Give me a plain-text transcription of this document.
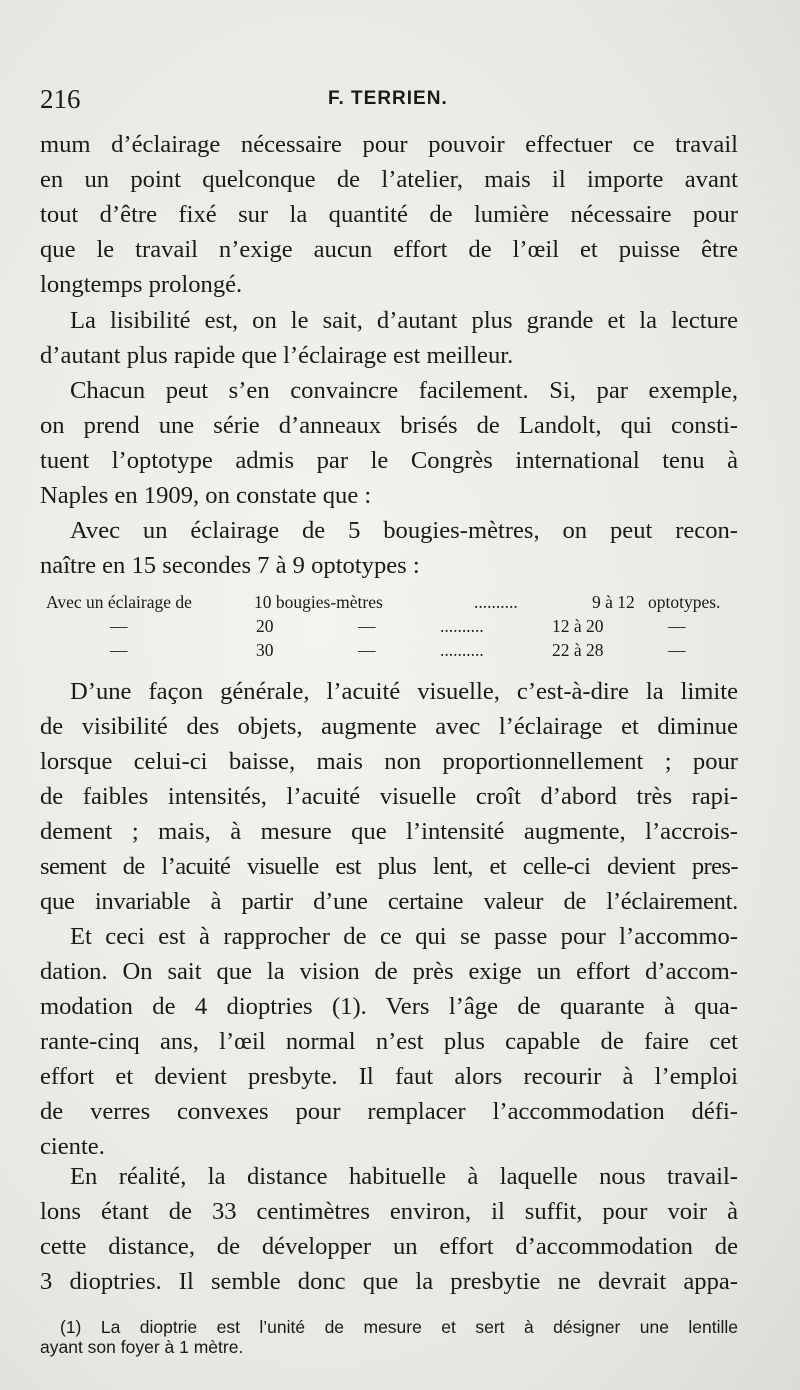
216	F. TERRIEN.
mum d’éclairage nécessaire pour pouvoir effectuer ce travail
en un point quelconque de l’atelier, mais il importe avant
tout d’être fixé sur la quantité de lumière nécessaire pour
que le travail n’exige aucun effort de l’œil et puisse être
longtemps prolongé.
La lisibilité est, on le sait, d’autant plus grande et la lecture
d’autant plus rapide que l’éclairage est meilleur.
Chacun peut s’en convaincre facilement. Si, par exemple,
on prend une série d’anneaux brisés de Landolt, qui consti-
tuent l’optotype admis par le Congrès international tenu à
Naples en 1909, on constate que :
Avec un éclairage de 5 bougies-mètres, on peut recon-
naître en 15 secondes 7 à 9 optotypes :
Avec un éclairage de	10 bougies-mètres	..........	9 à 12 optotypes.
—	20	—	..........	12 à 20	—
—	30	—	..........	22 à 28	—
D’une façon générale, l’acuité visuelle, c’est-à-dire la limite
de visibilité des objets, augmente avec l’éclairage et diminue
lorsque celui-ci baisse, mais non proportionnellement ; pour
de faibles intensités, l’acuité visuelle croît d’abord très rapi-
dement ; mais, à mesure que l’intensité augmente, l’accrois-
sement de l’acuité visuelle est plus lent, et celle-ci devient pres-
que invariable à partir d’une certaine valeur de l’éclairement.
Et ceci est à rapprocher de ce qui se passe pour l’accommo-
dation. On sait que la vision de près exige un effort d’accom-
modation de 4 dioptries (1). Vers l’âge de quarante à qua-
rante-cinq ans, l’œil normal n’est plus capable de faire cet
effort et devient presbyte. Il faut alors recourir à l’emploi
de verres convexes pour remplacer l’accommodation défi-
ciente.
En réalité, la distance habituelle à laquelle nous travail-
lons étant de 33 centimètres environ, il suffit, pour voir à
cette distance, de développer un effort d’accommodation de
3 dioptries. Il semble donc que la presbytie ne devrait appa-
(1) La dioptrie est l’unité de mesure et sert à désigner une lentille
ayant son foyer à 1 mètre.
